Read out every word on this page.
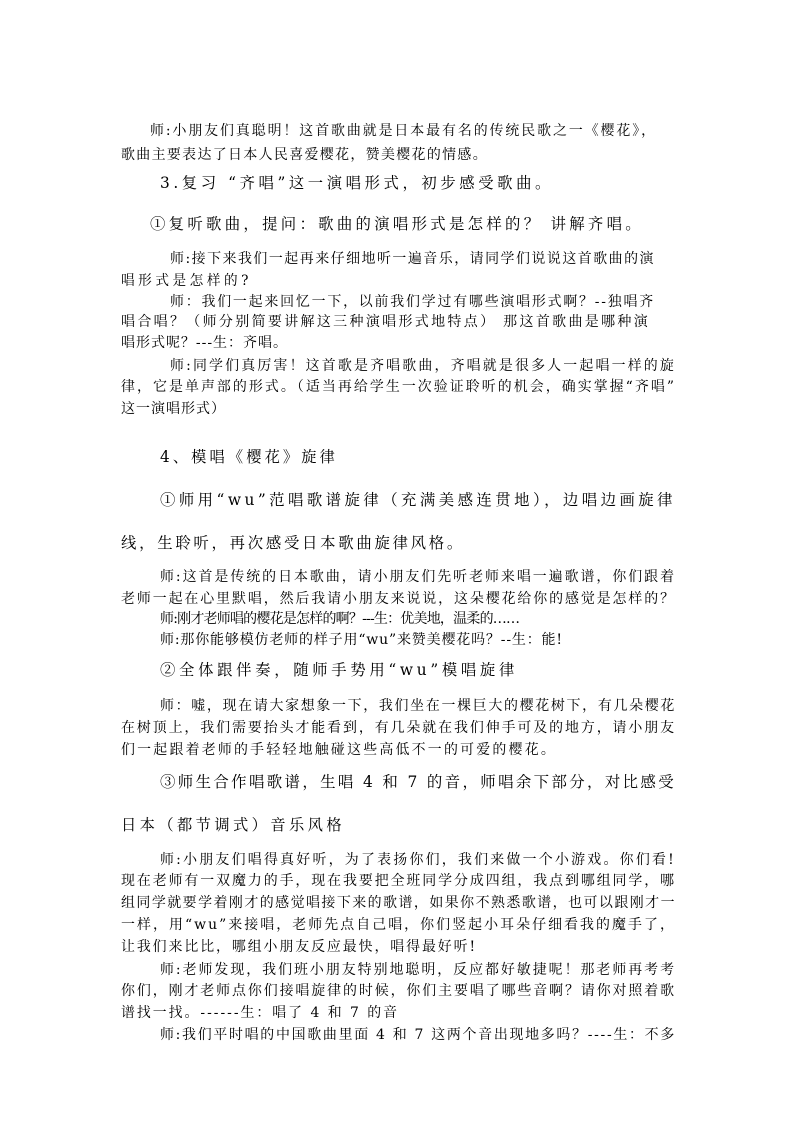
师:小朋友们真聪明！这首歌曲就是日本最有名的传统民歌之一《樱花》，
歌曲主要表达了日本人民喜爱樱花，赞美樱花的情感。
3.复习 “齐唱”这一演唱形式，初步感受歌曲。
①复听歌曲，提问：歌曲的演唱形式是怎样的？ 讲解齐唱。
师:接下来我们一起再来仔细地听一遍音乐，请同学们说说这首歌曲的演
唱形式是怎样的?
师：我们一起来回忆一下，以前我们学过有哪些演唱形式啊？--独唱齐
唱合唱？（师分别简要讲解这三种演唱形式地特点） 那这首歌曲是哪种演
唱形式呢？---生：齐唱。
师:同学们真厉害！这首歌是齐唱歌曲，齐唱就是很多人一起唱一样的旋
律，它是单声部的形式。（适当再给学生一次验证聆听的机会，确实掌握“齐唱”
这一演唱形式）
4、模唱《樱花》旋律
①师用“wu”范唱歌谱旋律（充满美感连贯地），边唱边画旋律
线，生聆听，再次感受日本歌曲旋律风格。
师:这首是传统的日本歌曲，请小朋友们先听老师来唱一遍歌谱，你们跟着
老师一起在心里默唱，然后我请小朋友来说说，这朵樱花给你的感觉是怎样的？
师:刚才老师唱的樱花是怎样的啊？---生：优美地，温柔的……
师:那你能够模仿老师的样子用“wu”来赞美樱花吗？--生：能!
②全体跟伴奏，随师手势用“wu”模唱旋律
师：嘘，现在请大家想象一下，我们坐在一棵巨大的樱花树下，有几朵樱花
在树顶上，我们需要抬头才能看到，有几朵就在我们伸手可及的地方，请小朋友
们一起跟着老师的手轻轻地触碰这些高低不一的可爱的樱花。
③师生合作唱歌谱，生唱 4 和 7 的音，师唱余下部分，对比感受
日本（都节调式）音乐风格
师:小朋友们唱得真好听，为了表扬你们，我们来做一个小游戏。你们看!
现在老师有一双魔力的手，现在我要把全班同学分成四组，我点到哪组同学，哪
组同学就要学着刚才的感觉唱接下来的歌谱，如果你不熟悉歌谱，也可以跟刚才一
一样，用“wu”来接唱，老师先点自己唱，你们竖起小耳朵仔细看我的魔手了，
让我们来比比，哪组小朋友反应最快，唱得最好听!
师:老师发现，我们班小朋友特别地聪明，反应都好敏捷呢！那老师再考考
你们，刚才老师点你们接唱旋律的时候，你们主要唱了哪些音啊？请你对照着歌
谱找一找。------生：唱了 4 和 7 的音
师:我们平时唱的中国歌曲里面 4 和 7 这两个音出现地多吗？----生：不多
